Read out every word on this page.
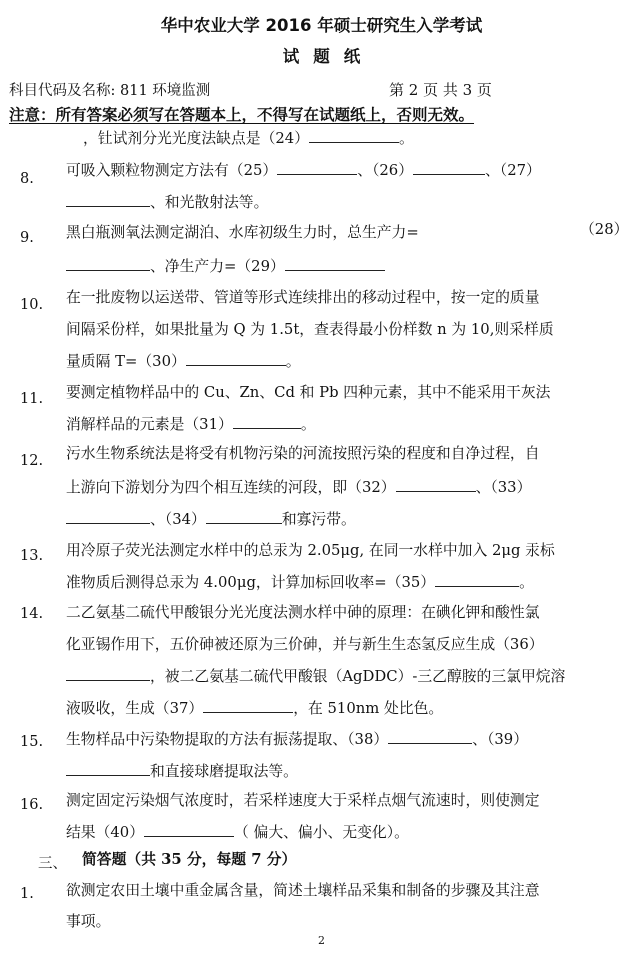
华中农业大学 2016 年硕士研究生入学考试
试题纸
科目代码及名称: 811 环境监测	第 2 页 共 3 页
注意：所有答案必须写在答题本上，不得写在试题纸上，否则无效。
，钍试剂分光光度法缺点是（24）	。
8. 可吸入颗粒物测定方法有（25）	、（26）	、（27）
、和光散射法等。
9. 黑白瓶测氧法测定湖泊、水库初级生力时，总生产力=	（28）
、净生产力=（29）
10. 在一批废物以运送带、管道等形式连续排出的移动过程中，按一定的质量
间隔采份样，如果批量为 Q 为 1.5t，查表得最小份样数 n 为 10,则采样质
量质隔 T=（30）	。
11. 要测定植物样品中的 Cu、Zn、Cd 和 Pb 四种元素，其中不能采用干灰法
消解样品的元素是（31）	。
12. 污水生物系统法是将受有机物污染的河流按照污染的程度和自净过程，自
上游向下游划分为四个相互连续的河段，即（32）	、（33）
、（34）	和寡污带。
13. 用冷原子荧光法测定水样中的总汞为 2.05μg, 在同一水样中加入 2μg 汞标
准物质后测得总汞为 4.00μg，计算加标回收率=（35）	。
14. 二乙氨基二硫代甲酸银分光光度法测水样中砷的原理：在碘化钾和酸性氯
化亚锡作用下，五价砷被还原为三价砷，并与新生生态氢反应生成（36）
，被二乙氨基二硫代甲酸银（AgDDC）-三乙醇胺的三氯甲烷溶
液吸收，生成（37）	，在 510nm 处比色。
15. 生物样品中污染物提取的方法有振荡提取、（38）	、（39）
和直接球磨提取法等。
16. 测定固定污染烟气浓度时，若采样速度大于采样点烟气流速时，则使测定
结果（40）	（ 偏大、偏小、无变化）。
三、 简答题（共 35 分，每题 7 分）
1. 欲测定农田土壤中重金属含量，简述土壤样品采集和制备的步骤及其注意
事项。
2
